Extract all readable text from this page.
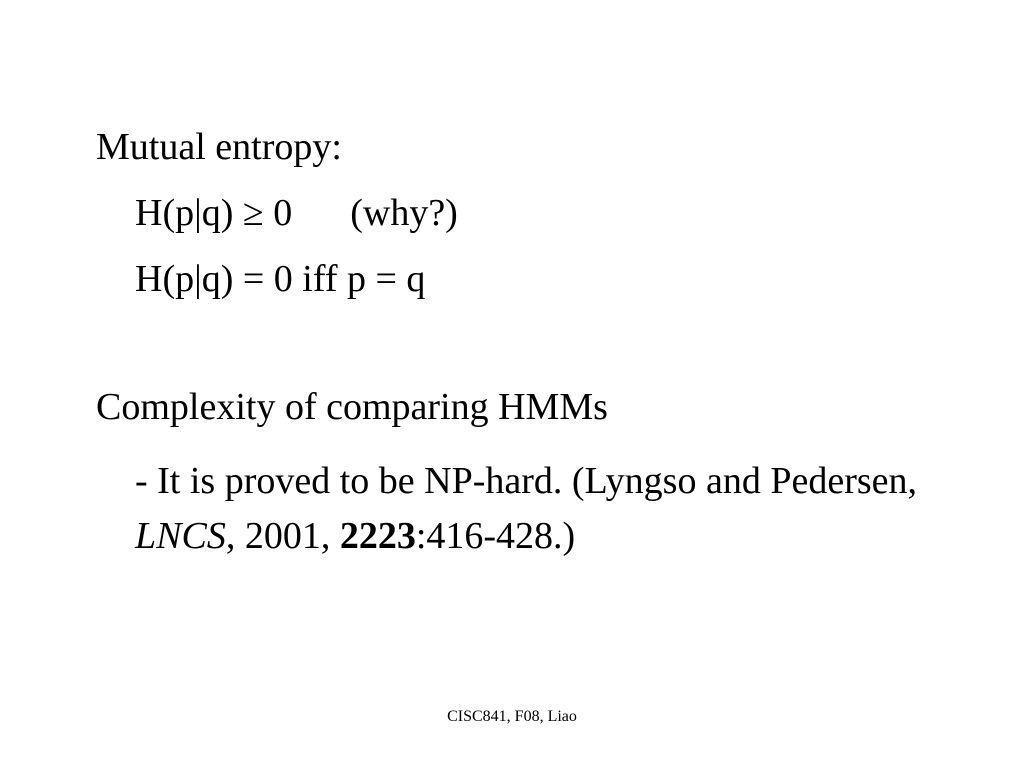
Mutual entropy:
H(p|q) ≥ 0 (why?)
H(p|q) = 0 iff p = q
Complexity of comparing HMMs
- It is proved to be NP-hard. (Lyngso and Pedersen, LNCS, 2001, 2223:416-428.)
CISC841, F08, Liao
